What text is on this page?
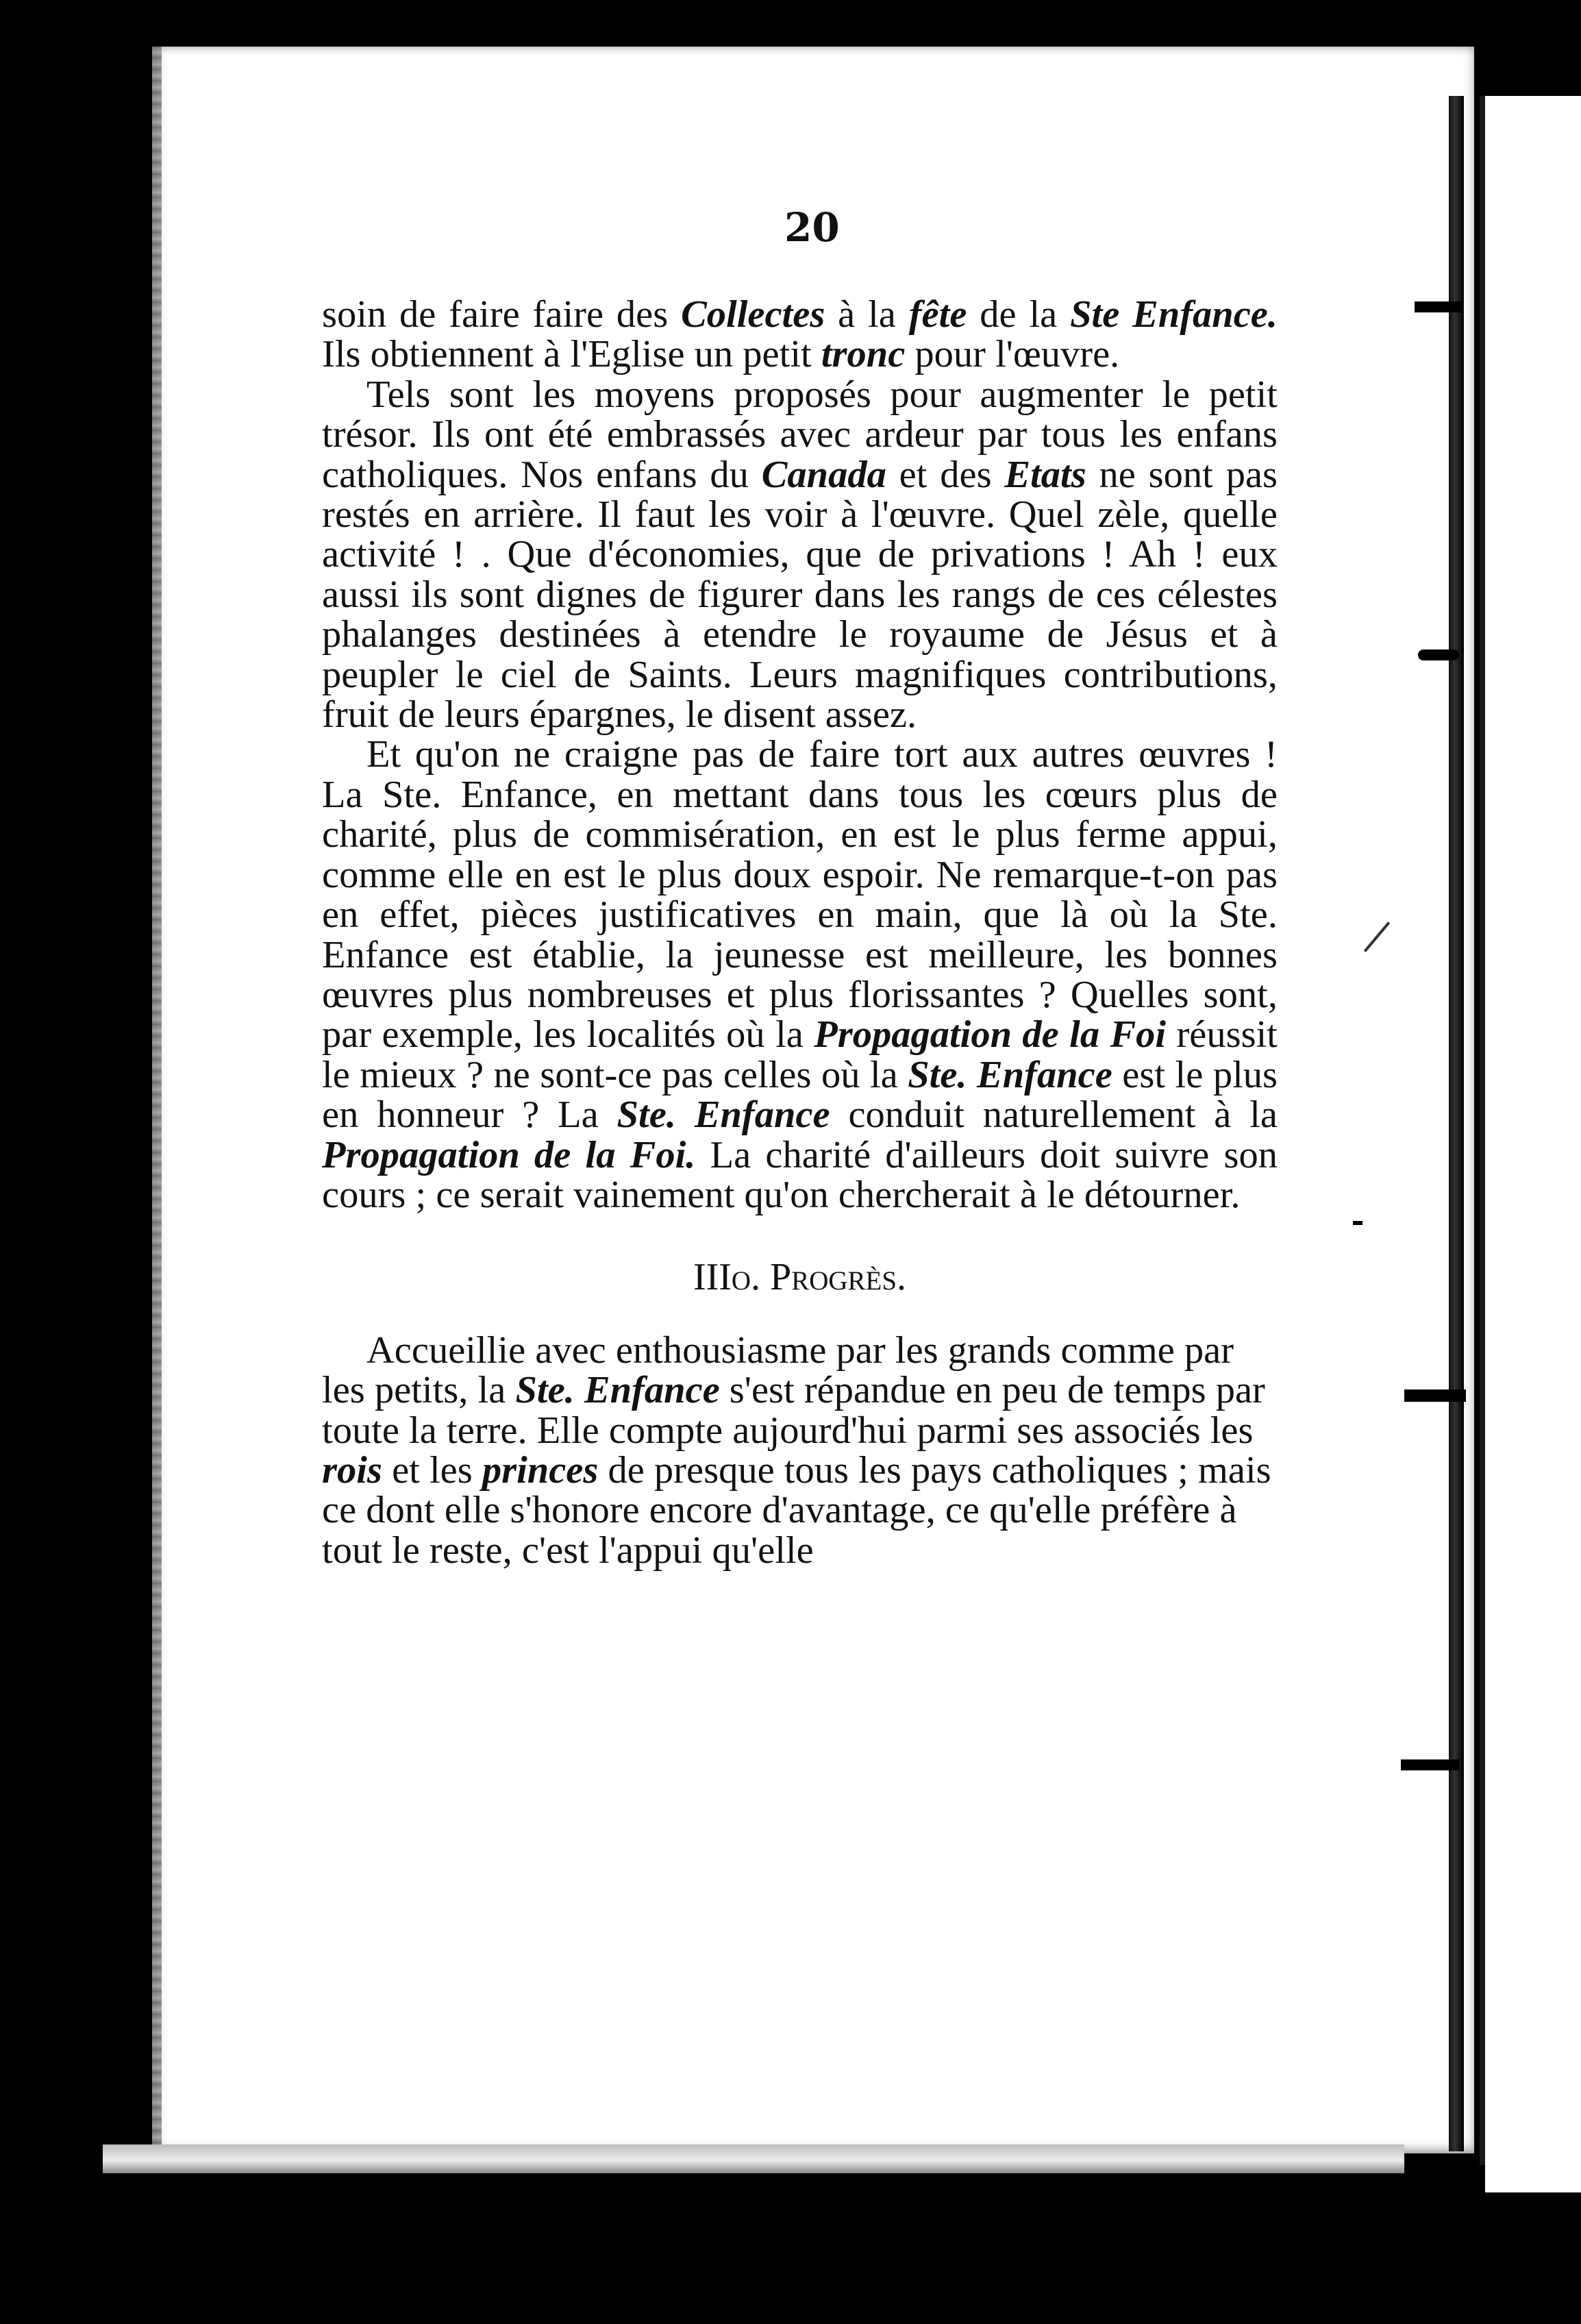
20

soin de faire faire des Collectes à la fête de la Ste Enfance. Ils obtiennent à l'Eglise un petit tronc pour l'œuvre.

Tels sont les moyens proposés pour augmenter le petit trésor. Ils ont été embrassés avec ardeur par tous les enfans catholiques. Nos enfans du Canada et des Etats ne sont pas restés en arrière. Il faut les voir à l'œuvre. Quel zèle, quelle activité ! . Que d'économies, que de privations ! Ah ! eux aussi ils sont dignes de figurer dans les rangs de ces célestes phalanges destinées à etendre le royaume de Jésus et à peupler le ciel de Saints. Leurs magnifiques contributions, fruit de leurs épargnes, le disent assez.

Et qu'on ne craigne pas de faire tort aux autres œuvres ! La Ste. Enfance, en mettant dans tous les cœurs plus de charité, plus de commisération, en est le plus ferme appui, comme elle en est le plus doux espoir. Ne remarque-t-on pas en effet, pièces justificatives en main, que là où la Ste. Enfance est établie, la jeunesse est meilleure, les bonnes œuvres plus nombreuses et plus florissantes ? Quelles sont, par exemple, les localités où la Propagation de la Foi réussit le mieux ? ne sont-ce pas celles où la Ste. Enfance est le plus en honneur ? La Ste. Enfance conduit naturellement à la Propagation de la Foi. La charité d'ailleurs doit suivre son cours ; ce serait vainement qu'on chercherait à le détourner.

IIIo. Progrès.

Accueillie avec enthousiasme par les grands comme par les petits, la Ste. Enfance s'est répandue en peu de temps par toute la terre. Elle compte aujourd'hui parmi ses associés les rois et les princes de presque tous les pays catholiques ; mais ce dont elle s'honore encore d'avantage, ce qu'elle préfère à tout le reste, c'est l'appui qu'elle
